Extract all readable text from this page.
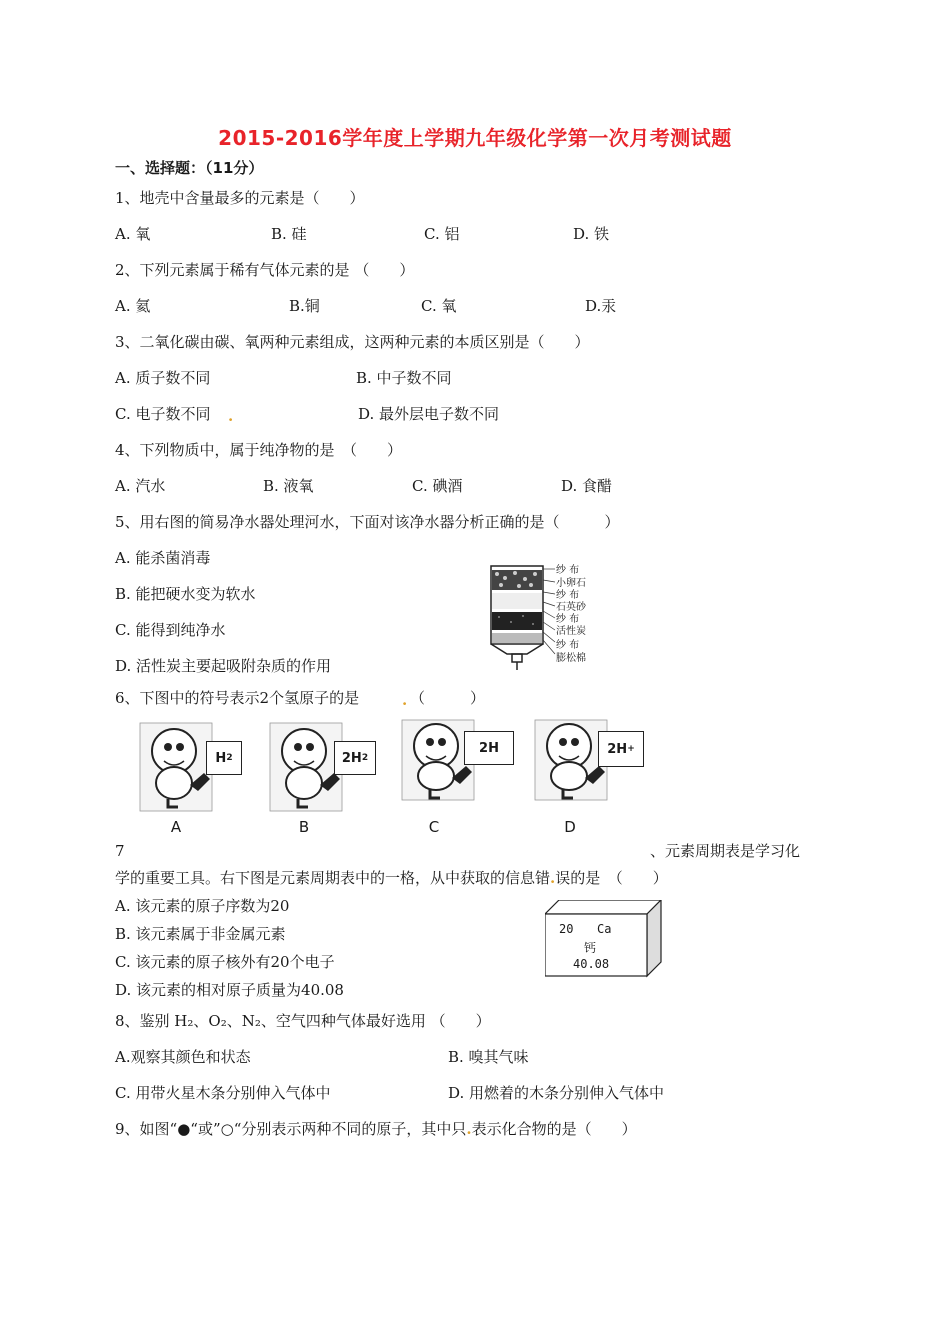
2015-2016学年度上学期九年级化学第一次月考测试题
一、选择题：（11分）
1、地壳中含量最多的元素是（　　）
A. 氧	B. 硅	C. 铝	D. 铁
2、下列元素属于稀有气体元素的是 （　　）
A. 氦	B.铜	C. 氧	D.汞
3、二氧化碳由碳、氧两种元素组成，这两种元素的本质区别是（　　）
A. 质子数不同	B. 中子数不同
C. 电子数不同 .	D. 最外层电子数不同
4、下列物质中，属于纯净物的是　（　　）
A. 汽水	B. 液氧	C. 碘酒	D. 食醋
5、用右图的简易净水器处理河水，下面对该净水器分析正确的是（　　　）
A. 能杀菌消毒
B. 能把硬水变为软水
C. 能得到纯净水
D. 活性炭主要起吸附杂质的作用
纱 布
小卵石
纱 布
石英砂
纱 布
活性炭
纱 布
膨松棉
6、下图中的符号表示2个氢原子的是	. （　　　）
H 2
A
2H 2
B
2H
C
2H +
D
7	、元素周期表是学习化
学的重要工具。右下图是元素周期表中的一格，从中获取的信息错.误的是　（　　）
A. 该元素的原子序数为20
B. 该元素属于非金属元素
C. 该元素的原子核外有20个电子
D. 该元素的相对原子质量为40.08
20 Ca
钙
40.08
8、鉴别 H₂、O₂、N₂、空气四种气体最好选用 （　　）
A.观察其颜色和状态	B. 嗅其气味
C. 用带火星木条分别伸入气体中	D. 用燃着的木条分别伸入气体中
9、如图“●“或”○“分别表示两种不同的原子，其中只.表示化合物的是（　　）
